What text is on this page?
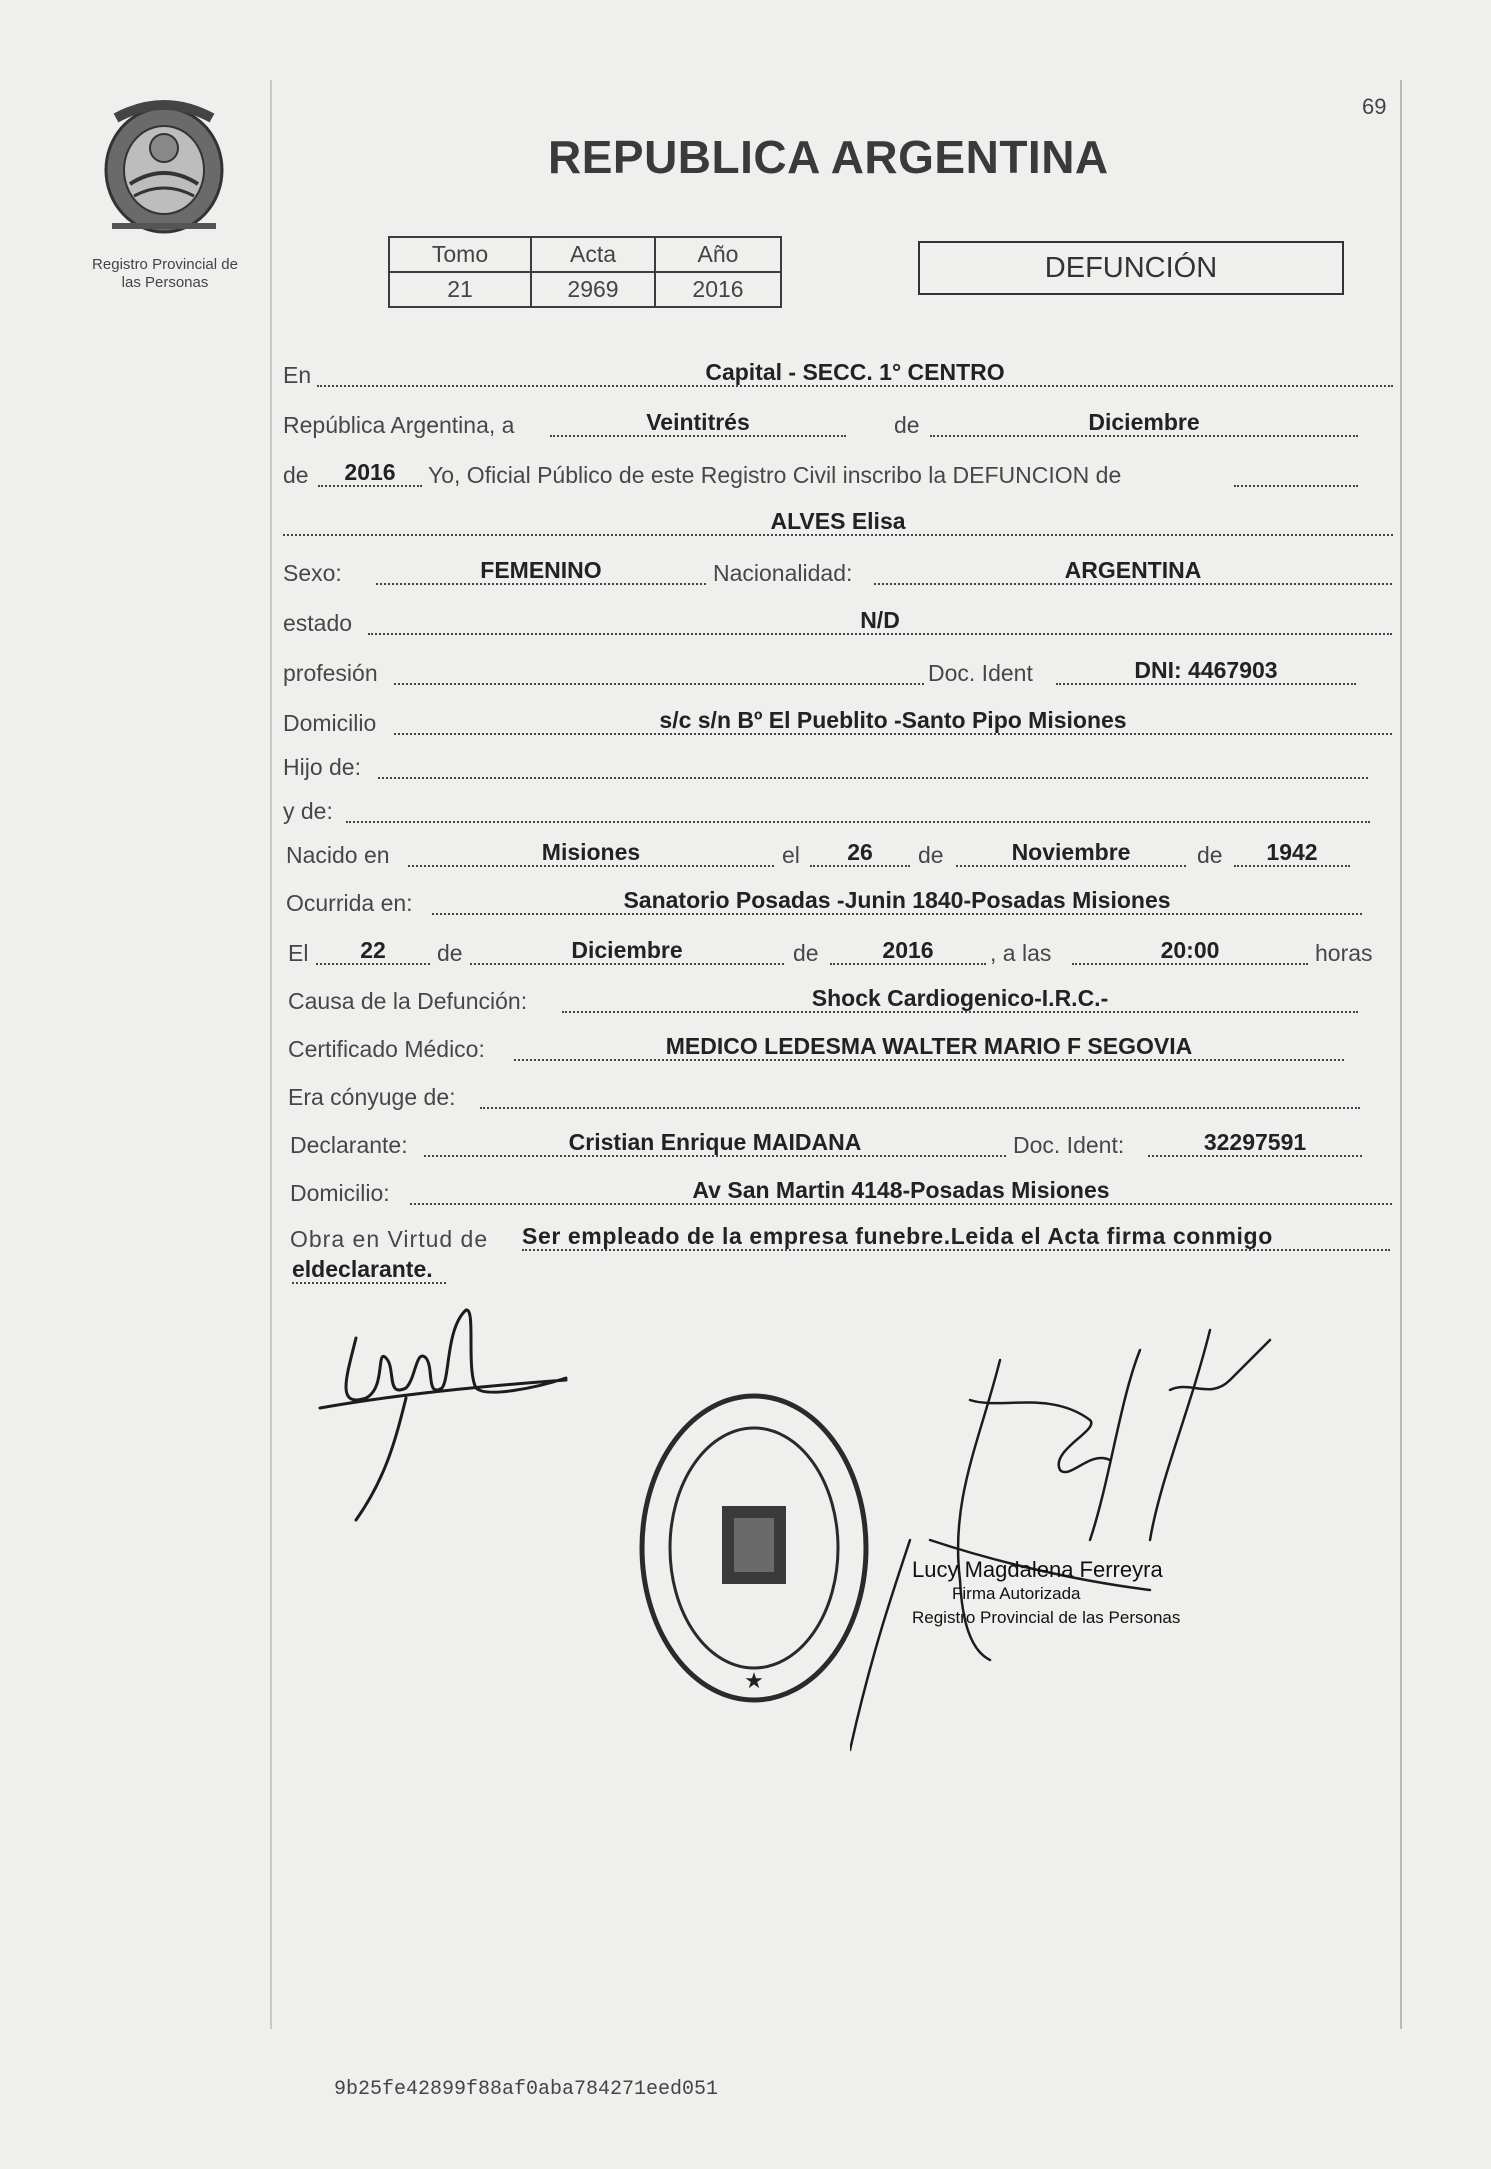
69
Registro Provincial de
las Personas
REPUBLICA ARGENTINA
Tomo	Acta	Año
21	2969	2016
DEFUNCIÓN
En	Capital - SECC. 1° CENTRO
República Argentina, a	Veintitrés	de	Diciembre
de	2016	Yo, Oficial Público de este Registro Civil inscribo la DEFUNCION de
ALVES Elisa
Sexo:	FEMENINO	Nacionalidad:	ARGENTINA
estado	N/D
profesión	Doc. Ident	DNI: 4467903
Domicilio	s/c s/n Bº El Pueblito -Santo Pipo Misiones
Hijo de:
y de:
Nacido en	Misiones	el	26	de	Noviembre	de	1942
Ocurrida en:	Sanatorio Posadas -Junin 1840-Posadas Misiones
El	22	de	Diciembre	de	2016	, a las	20:00	horas
Causa de la Defunción:	Shock Cardiogenico-I.R.C.-
Certificado Médico:	MEDICO LEDESMA WALTER MARIO F SEGOVIA
Era cónyuge de:
Declarante:	Cristian Enrique MAIDANA	Doc. Ident:	32297591
Domicilio:	Av San Martin 4148-Posadas Misiones
Obra en Virtud de Ser empleado de la empresa funebre.Leida el Acta firma conmigo
eldeclarante.
★
Lucy Magdalena Ferreyra
Firma Autorizada
Registro Provincial de las Personas
9b25fe42899f88af0aba784271eed051
